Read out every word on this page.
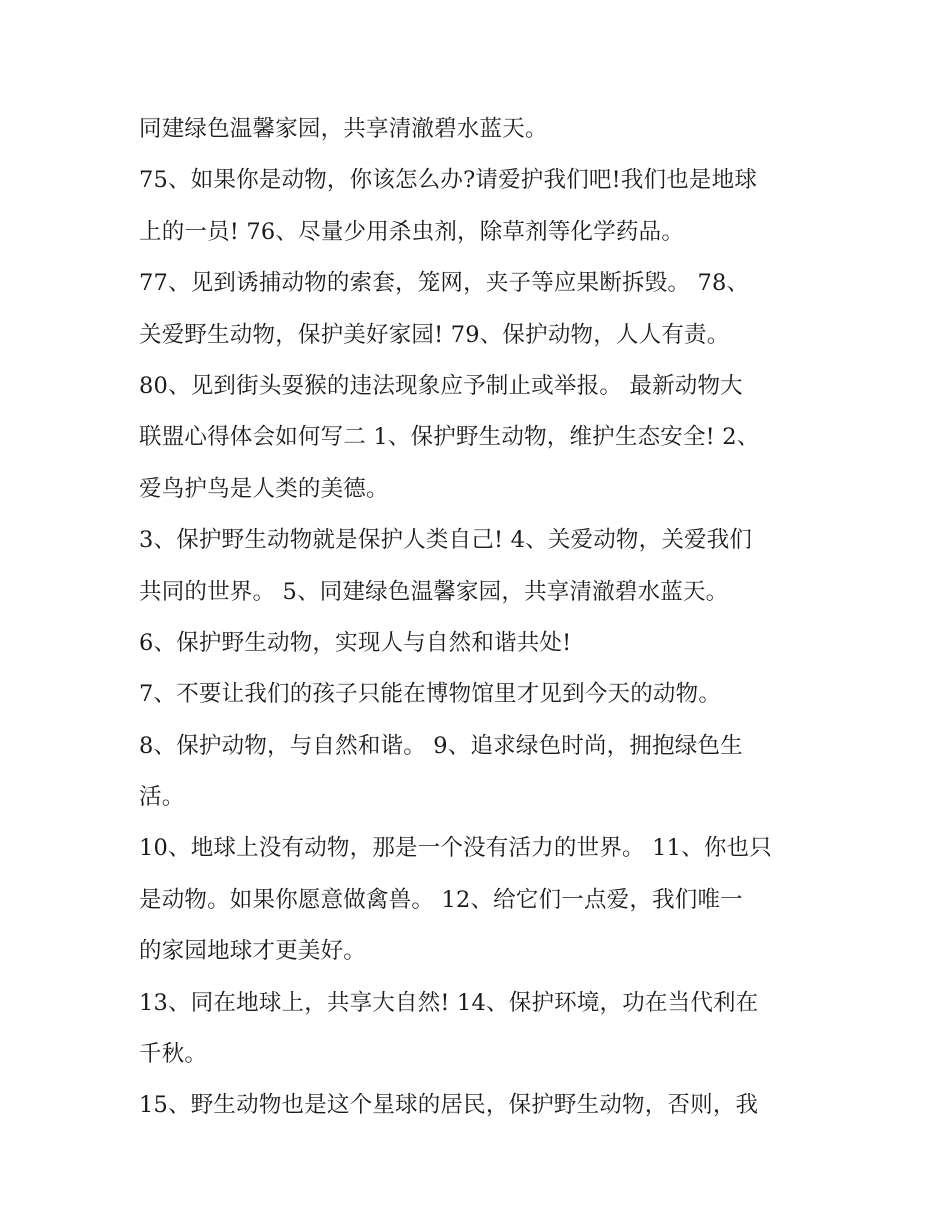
同建绿色温馨家园，共享清澈碧水蓝天。
75、如果你是动物，你该怎么办?请爱护我们吧!我们也是地球
上的一员! 76、尽量少用杀虫剂，除草剂等化学药品。
77、见到诱捕动物的索套，笼网，夹子等应果断拆毁。 78、
关爱野生动物，保护美好家园! 79、保护动物，人人有责。
80、见到街头耍猴的违法现象应予制止或举报。 最新动物大
联盟心得体会如何写二 1、保护野生动物，维护生态安全! 2、
爱鸟护鸟是人类的美德。
3、保护野生动物就是保护人类自己! 4、关爱动物，关爱我们
共同的世界。 5、同建绿色温馨家园，共享清澈碧水蓝天。
6、保护野生动物，实现人与自然和谐共处!
7、不要让我们的孩子只能在博物馆里才见到今天的动物。
8、保护动物，与自然和谐。 9、追求绿色时尚，拥抱绿色生
活。
10、地球上没有动物，那是一个没有活力的世界。 11、你也只
是动物。如果你愿意做禽兽。 12、给它们一点爱，我们唯一
的家园地球才更美好。
13、同在地球上，共享大自然! 14、保护环境，功在当代利在
千秋。
15、野生动物也是这个星球的居民，保护野生动物，否则，我
